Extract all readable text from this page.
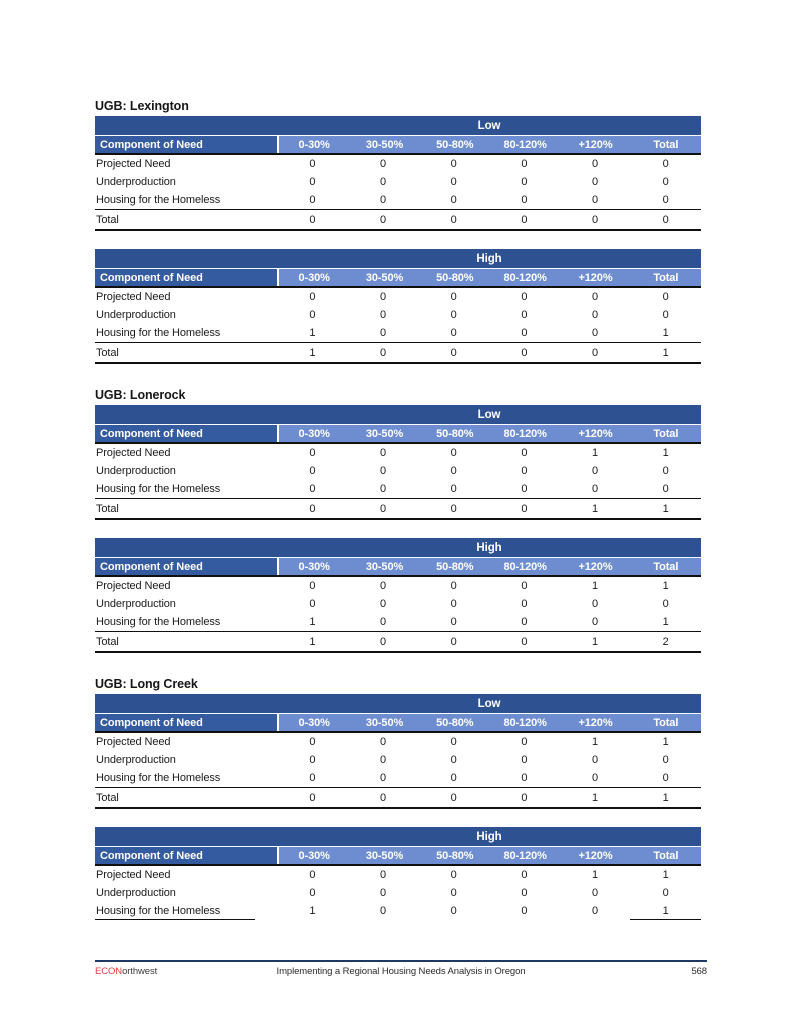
UGB: Lexington
Low
Component of Need	0-30%	30-50%	50-80%	80-120%	+120%	Total
Projected Need	0	0	0	0	0	0
Underproduction	0	0	0	0	0	0
Housing for the Homeless	0	0	0	0	0	0
Total	0	0	0	0	0	0
High
Component of Need	0-30%	30-50%	50-80%	80-120%	+120%	Total
Projected Need	0	0	0	0	0	0
Underproduction	0	0	0	0	0	0
Housing for the Homeless	1	0	0	0	0	1
Total	1	0	0	0	0	1
UGB: Lonerock
Low
Component of Need	0-30%	30-50%	50-80%	80-120%	+120%	Total
Projected Need	0	0	0	0	1	1
Underproduction	0	0	0	0	0	0
Housing for the Homeless	0	0	0	0	0	0
Total	0	0	0	0	1	1
High
Component of Need	0-30%	30-50%	50-80%	80-120%	+120%	Total
Projected Need	0	0	0	0	1	1
Underproduction	0	0	0	0	0	0
Housing for the Homeless	1	0	0	0	0	1
Total	1	0	0	0	1	2
UGB: Long Creek
Low
Component of Need	0-30%	30-50%	50-80%	80-120%	+120%	Total
Projected Need	0	0	0	0	1	1
Underproduction	0	0	0	0	0	0
Housing for the Homeless	0	0	0	0	0	0
Total	0	0	0	0	1	1
High
Component of Need	0-30%	30-50%	50-80%	80-120%	+120%	Total
Projected Need	0	0	0	0	1	1
Underproduction	0	0	0	0	0	0
Housing for the Homeless	1	0	0	0	0	1
ECONorthwest	Implementing a Regional Housing Needs Analysis in Oregon	568
